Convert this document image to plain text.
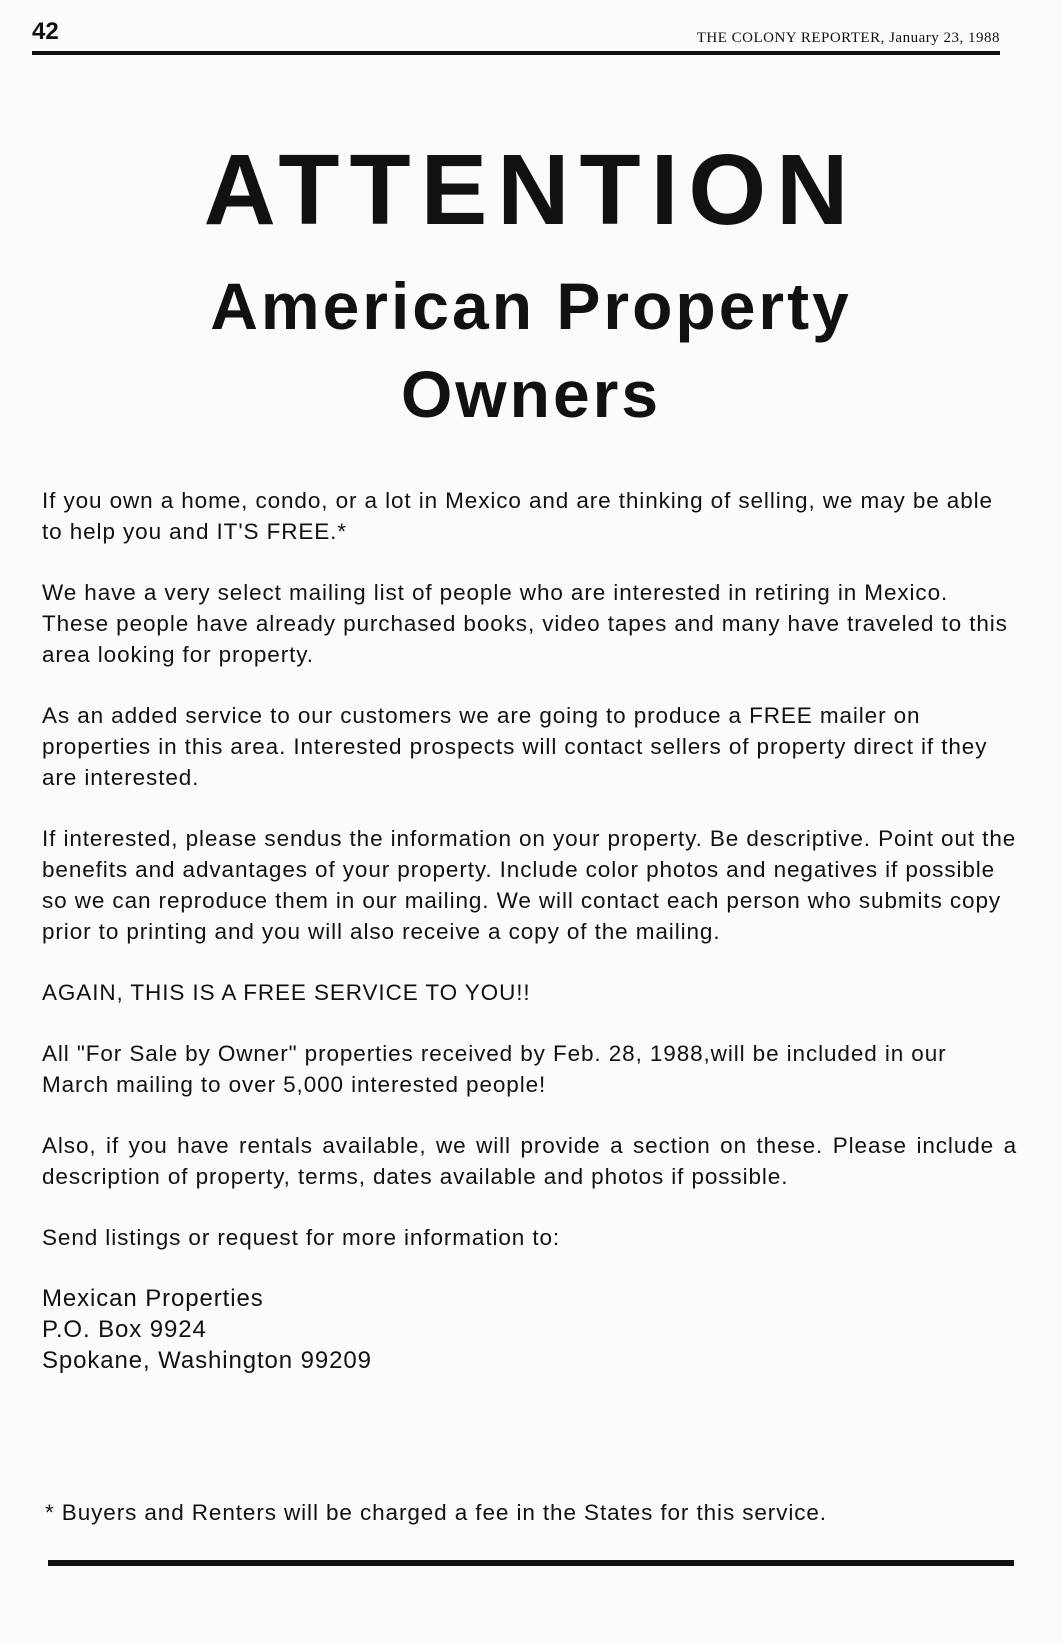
42	THE COLONY REPORTER, January 23, 1988
ATTENTION
American Property
Owners

If you own a home, condo, or a lot in Mexico and are thinking of selling, we may be able to help you and IT'S FREE.*

We have a very select mailing list of people who are interested in retiring in Mexico. These people have already purchased books, video tapes and many have traveled to this area looking for property.

As an added service to our customers we are going to produce a FREE mailer on properties in this area. Interested prospects will contact sellers of property direct if they are interested.

If interested, please sendus the information on your property. Be descriptive. Point out the benefits and advantages of your property. Include color photos and negatives if possible so we can reproduce them in our mailing. We will contact each person who submits copy prior to printing and you will also receive a copy of the mailing.

AGAIN, THIS IS A FREE SERVICE TO YOU!!

All "For Sale by Owner" properties received by Feb. 28, 1988,will be included in our March mailing to over 5,000 interested people!

Also, if you have rentals available, we will provide a section on these. Please include a description of property, terms, dates available and photos if possible.

Send listings or request for more information to:

Mexican Properties
P.O. Box 9924
Spokane, Washington 99209
* Buyers and Renters will be charged a fee in the States for this service.
